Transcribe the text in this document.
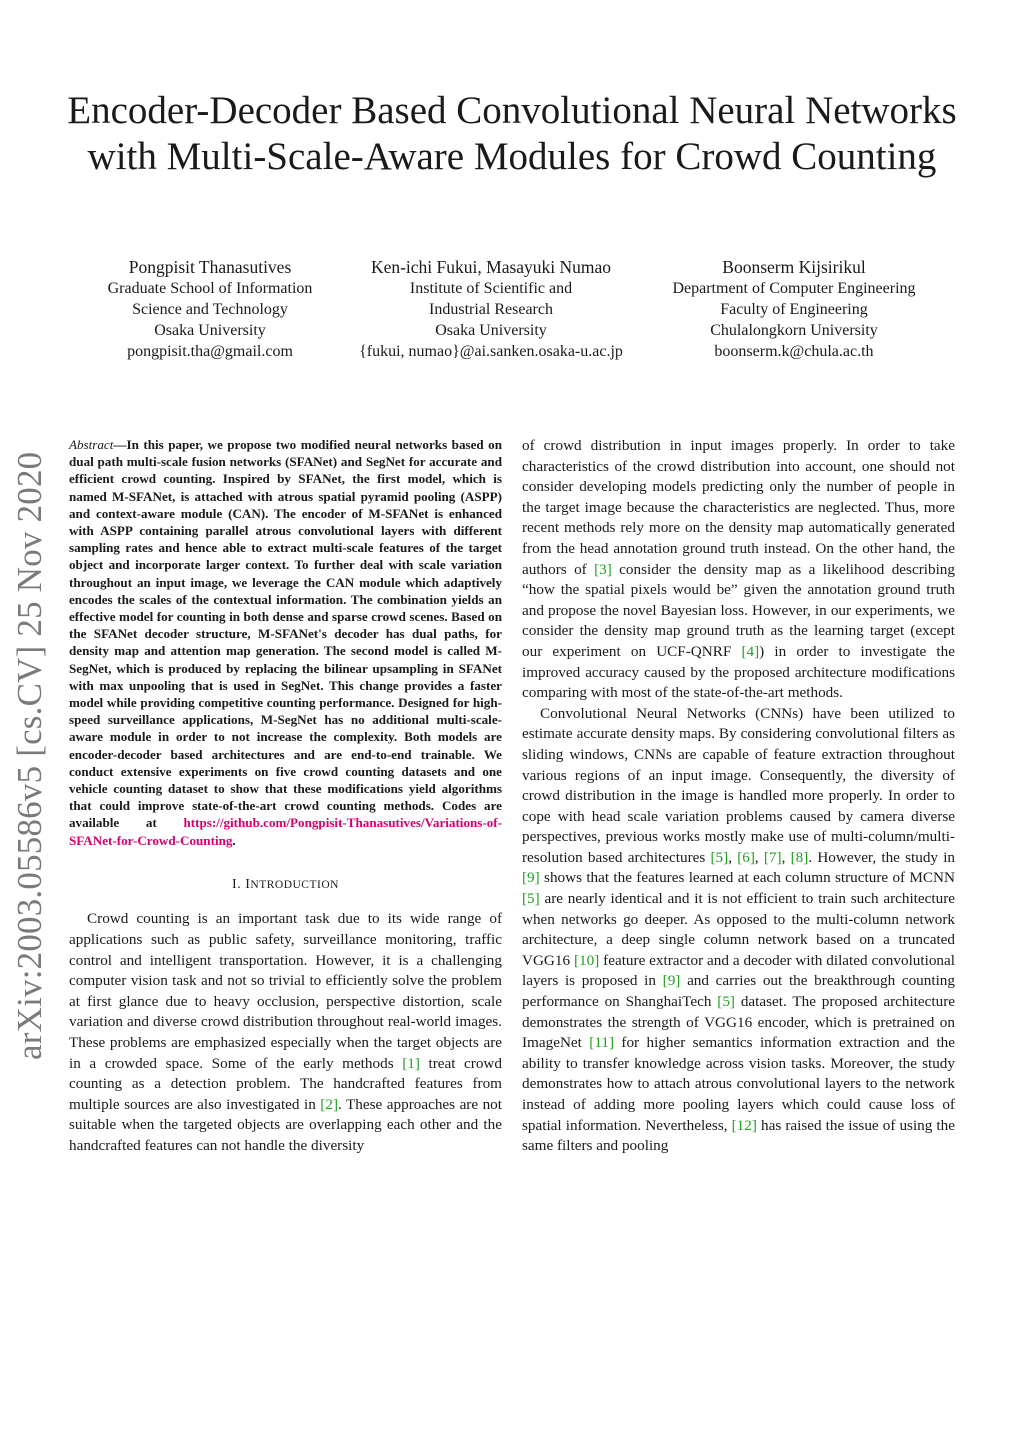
Encoder-Decoder Based Convolutional Neural Networks with Multi-Scale-Aware Modules for Crowd Counting
Pongpisit Thanasutives
Graduate School of Information
Science and Technology
Osaka University
pongpisit.tha@gmail.com
Ken-ichi Fukui, Masayuki Numao
Institute of Scientific and
Industrial Research
Osaka University
{fukui, numao}@ai.sanken.osaka-u.ac.jp
Boonserm Kijsirikul
Department of Computer Engineering
Faculty of Engineering
Chulalongkorn University
boonserm.k@chula.ac.th
arXiv:2003.05586v5 [cs.CV] 25 Nov 2020

Abstract—In this paper, we propose two modified neural networks based on dual path multi-scale fusion networks (SFANet) and SegNet for accurate and efficient crowd counting. Inspired by SFANet, the first model, which is named M-SFANet, is attached with atrous spatial pyramid pooling (ASPP) and context-aware module (CAN). The encoder of M-SFANet is enhanced with ASPP containing parallel atrous convolutional layers with different sampling rates and hence able to extract multi-scale features of the target object and incorporate larger context. To further deal with scale variation throughout an input image, we leverage the CAN module which adaptively encodes the scales of the contextual information. The combination yields an effective model for counting in both dense and sparse crowd scenes. Based on the SFANet decoder structure, M-SFANet's decoder has dual paths, for density map and attention map generation. The second model is called M-SegNet, which is produced by replacing the bilinear upsampling in SFANet with max unpooling that is used in SegNet. This change provides a faster model while providing competitive counting performance. Designed for high-speed surveillance applications, M-SegNet has no additional multi-scale-aware module in order to not increase the complexity. Both models are encoder-decoder based architectures and are end-to-end trainable. We conduct extensive experiments on five crowd counting datasets and one vehicle counting dataset to show that these modifications yield algorithms that could improve state-of-the-art crowd counting methods. Codes are available at https://github.com/Pongpisit-Thanasutives/Variations-of-SFANet-for-Crowd-Counting.

I. INTRODUCTION

Crowd counting is an important task due to its wide range of applications such as public safety, surveillance monitoring, traffic control and intelligent transportation. However, it is a challenging computer vision task and not so trivial to efficiently solve the problem at first glance due to heavy occlusion, perspective distortion, scale variation and diverse crowd distribution throughout real-world images. These problems are emphasized especially when the target objects are in a crowded space. Some of the early methods [1] treat crowd counting as a detection problem. The handcrafted features from multiple sources are also investigated in [2]. These approaches are not suitable when the targeted objects are overlapping each other and the handcrafted features can not handle the diversity

of crowd distribution in input images properly. In order to take characteristics of the crowd distribution into account, one should not consider developing models predicting only the number of people in the target image because the characteristics are neglected. Thus, more recent methods rely more on the density map automatically generated from the head annotation ground truth instead. On the other hand, the authors of [3] consider the density map as a likelihood describing “how the spatial pixels would be” given the annotation ground truth and propose the novel Bayesian loss. However, in our experiments, we consider the density map ground truth as the learning target (except our experiment on UCF-QNRF [4]) in order to investigate the improved accuracy caused by the proposed architecture modifications comparing with most of the state-of-the-art methods.

Convolutional Neural Networks (CNNs) have been utilized to estimate accurate density maps. By considering convolutional filters as sliding windows, CNNs are capable of feature extraction throughout various regions of an input image. Consequently, the diversity of crowd distribution in the image is handled more properly. In order to cope with head scale variation problems caused by camera diverse perspectives, previous works mostly make use of multi-column/multi-resolution based architectures [5], [6], [7], [8]. However, the study in [9] shows that the features learned at each column structure of MCNN [5] are nearly identical and it is not efficient to train such architecture when networks go deeper. As opposed to the multi-column network architecture, a deep single column network based on a truncated VGG16 [10] feature extractor and a decoder with dilated convolutional layers is proposed in [9] and carries out the breakthrough counting performance on ShanghaiTech [5] dataset. The proposed architecture demonstrates the strength of VGG16 encoder, which is pretrained on ImageNet [11] for higher semantics information extraction and the ability to transfer knowledge across vision tasks. Moreover, the study demonstrates how to attach atrous convolutional layers to the network instead of adding more pooling layers which could cause loss of spatial information. Nevertheless, [12] has raised the issue of using the same filters and pooling
